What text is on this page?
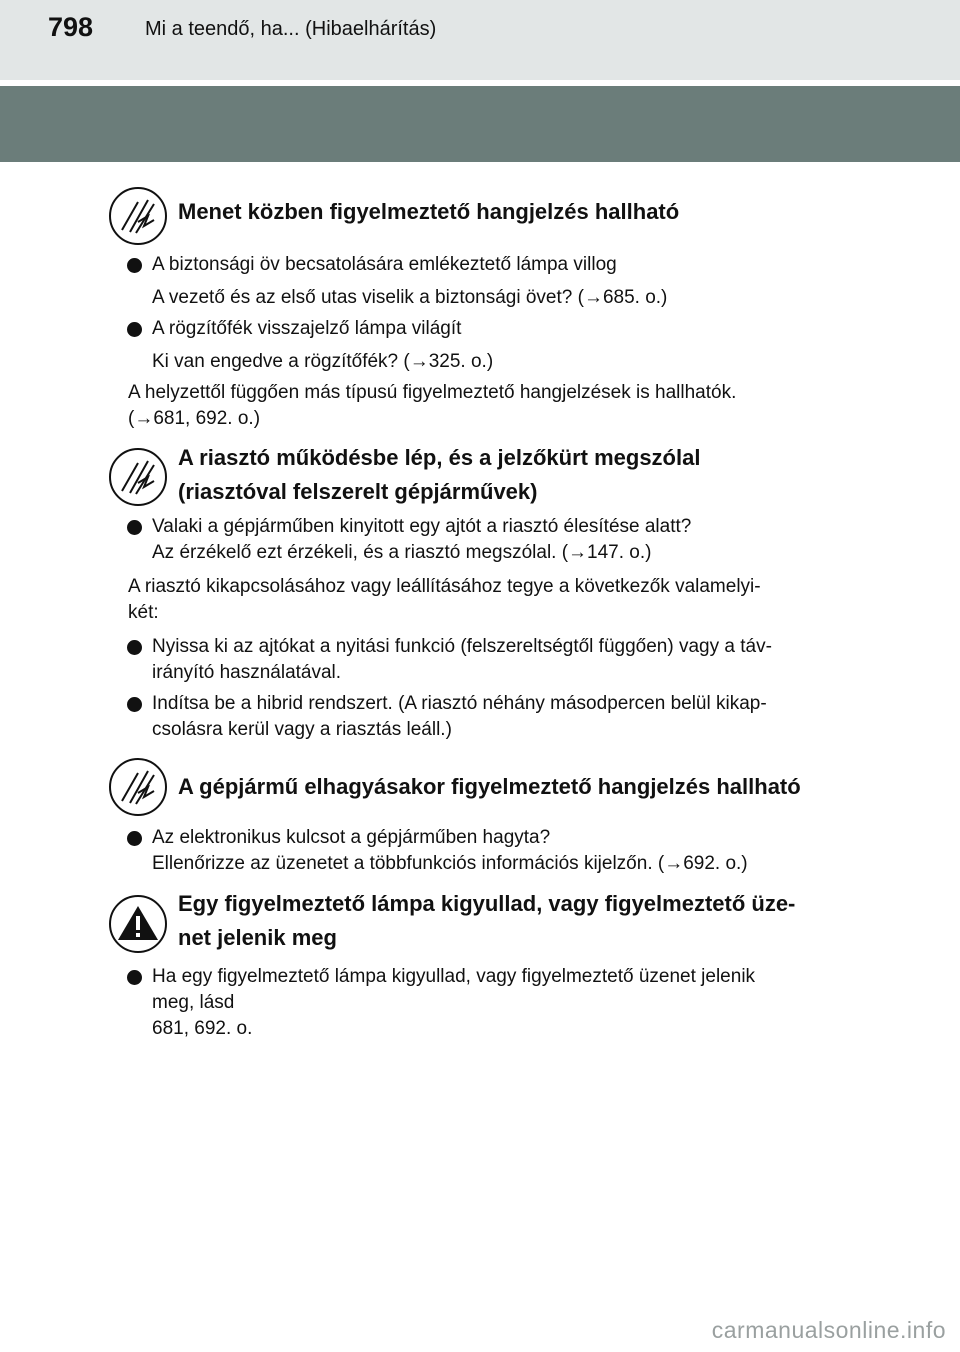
798	Mi a teendő, ha... (Hibaelhárítás)
Menet közben figyelmeztető hangjelzés hallható
A biztonsági öv becsatolására emlékeztető lámpa villog
A vezető és az első utas viselik a biztonsági övet? (→685. o.)
A rögzítőfék visszajelző lámpa világít
Ki van engedve a rögzítőfék? (→325. o.)
A helyzettől függően más típusú figyelmeztető hangjelzések is hallhatók.
(→681, 692. o.)
A riasztó működésbe lép, és a jelzőkürt megszólal
(riasztóval felszerelt gépjárművek)
Valaki a gépjárműben kinyitott egy ajtót a riasztó élesítése alatt?
Az érzékelő ezt érzékeli, és a riasztó megszólal. (→147. o.)
A riasztó kikapcsolásához vagy leállításához tegye a következők valamelyi-
két:
Nyissa ki az ajtókat a nyitási funkció (felszereltségtől függően) vagy a táv-
irányító használatával.
Indítsa be a hibrid rendszert. (A riasztó néhány másodpercen belül kikap-
csolásra kerül vagy a riasztás leáll.)
A gépjármű elhagyásakor figyelmeztető hangjelzés hallható
Az elektronikus kulcsot a gépjárműben hagyta?
Ellenőrizze az üzenetet a többfunkciós információs kijelzőn. (→692. o.)
Egy figyelmeztető lámpa kigyullad, vagy figyelmeztető üze-
net jelenik meg
Ha egy figyelmeztető lámpa kigyullad, vagy figyelmeztető üzenet jelenik
meg, lásd
681, 692. o.
carmanualsonline.info
